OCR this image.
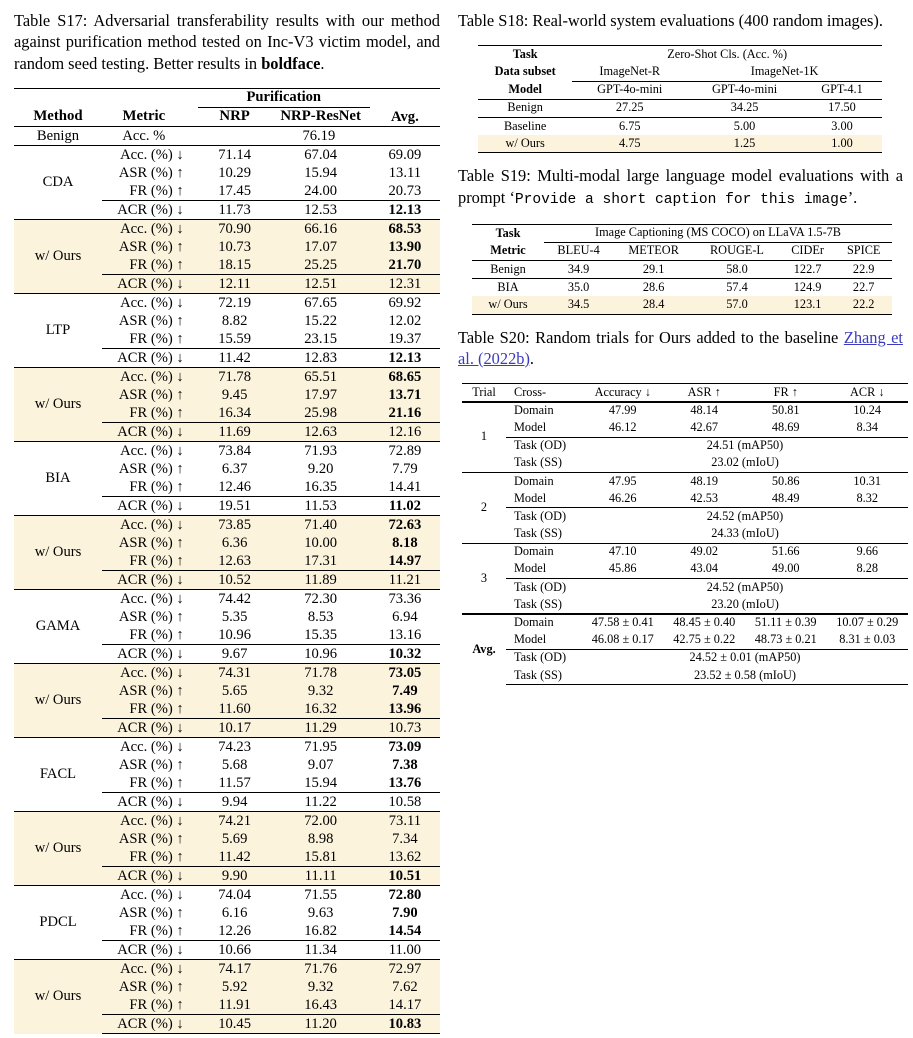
Table S17: Adversarial transferability results with our method against purification method tested on Inc-V3 victim model, and random seed testing. Better results in boldface.

		Purification		Avg.
Method	Metric	NRP	NRP-ResNet	
Benign	Acc. %	76.19		
CDA	Acc. (%) ↓	71.14	67.04	69.09
	ASR (%) ↑	10.29	15.94	13.11
	FR (%) ↑	17.45	24.00	20.73
	ACR (%) ↓	11.73	12.53	12.13
w/ Ours	Acc. (%) ↓	70.90	66.16	68.53
	ASR (%) ↑	10.73	17.07	13.90
	FR (%) ↑	18.15	25.25	21.70
	ACR (%) ↓	12.11	12.51	12.31
LTP	Acc. (%) ↓	72.19	67.65	69.92
	ASR (%) ↑	8.82	15.22	12.02
	FR (%) ↑	15.59	23.15	19.37
	ACR (%) ↓	11.42	12.83	12.13
w/ Ours	Acc. (%) ↓	71.78	65.51	68.65
	ASR (%) ↑	9.45	17.97	13.71
	FR (%) ↑	16.34	25.98	21.16
	ACR (%) ↓	11.69	12.63	12.16
BIA	Acc. (%) ↓	73.84	71.93	72.89
	ASR (%) ↑	6.37	9.20	7.79
	FR (%) ↑	12.46	16.35	14.41
	ACR (%) ↓	19.51	11.53	11.02
w/ Ours	Acc. (%) ↓	73.85	71.40	72.63
	ASR (%) ↑	6.36	10.00	8.18
	FR (%) ↑	12.63	17.31	14.97
	ACR (%) ↓	10.52	11.89	11.21
GAMA	Acc. (%) ↓	74.42	72.30	73.36
	ASR (%) ↑	5.35	8.53	6.94
	FR (%) ↑	10.96	15.35	13.16
	ACR (%) ↓	9.67	10.96	10.32
w/ Ours	Acc. (%) ↓	74.31	71.78	73.05
	ASR (%) ↑	5.65	9.32	7.49
	FR (%) ↑	11.60	16.32	13.96
	ACR (%) ↓	10.17	11.29	10.73
FACL	Acc. (%) ↓	74.23	71.95	73.09
	ASR (%) ↑	5.68	9.07	7.38
	FR (%) ↑	11.57	15.94	13.76
	ACR (%) ↓	9.94	11.22	10.58
w/ Ours	Acc. (%) ↓	74.21	72.00	73.11
	ASR (%) ↑	5.69	8.98	7.34
	FR (%) ↑	11.42	15.81	13.62
	ACR (%) ↓	9.90	11.11	10.51
PDCL	Acc. (%) ↓	74.04	71.55	72.80
	ASR (%) ↑	6.16	9.63	7.90
	FR (%) ↑	12.26	16.82	14.54
	ACR (%) ↓	10.66	11.34	11.00
w/ Ours	Acc. (%) ↓	74.17	71.76	72.97
	ASR (%) ↑	5.92	9.32	7.62
	FR (%) ↑	11.91	16.43	14.17
	ACR (%) ↓	10.45	11.20	10.83

Table S18: Real-world system evaluations (400 random images).

Task	Zero-Shot Cls. (Acc. %)		
Data subset	ImageNet-R	ImageNet-1K	
Model	GPT-4o-mini	GPT-4o-mini	GPT-4.1
Benign	27.25	34.25	17.50
Baseline	6.75	5.00	3.00
w/ Ours	4.75	1.25	1.00

Table S19: Multi-modal large language model evaluations with a prompt ‘Provide a short caption for this image’.

Task	Image Captioning (MS COCO) on LLaVA 1.5-7B				
Metric	BLEU-4	METEOR	ROUGE-L	CIDEr	SPICE
Benign	34.9	29.1	58.0	122.7	22.9
BIA	35.0	28.6	57.4	124.9	22.7
w/ Ours	34.5	28.4	57.0	123.1	22.2

Table S20: Random trials for Ours added to the baseline Zhang et al. (2022b).

Trial	Cross-	Accuracy ↓	ASR ↑	FR ↑	ACR ↓
1	Domain	47.99	48.14	50.81	10.24
	Model	46.12	42.67	48.69	8.34
	Task (OD)	24.51 (mAP50)			
	Task (SS)	23.02 (mIoU)			
2	Domain	47.95	48.19	50.86	10.31
	Model	46.26	42.53	48.49	8.32
	Task (OD)	24.52 (mAP50)			
	Task (SS)	24.33 (mIoU)			
3	Domain	47.10	49.02	51.66	9.66
	Model	45.86	43.04	49.00	8.28
	Task (OD)	24.52 (mAP50)			
	Task (SS)	23.20 (mIoU)			
Avg.	Domain	47.58 ± 0.41	48.45 ± 0.40	51.11 ± 0.39	10.07 ± 0.29
	Model	46.08 ± 0.17	42.75 ± 0.22	48.73 ± 0.21	8.31 ± 0.03
	Task (OD)	24.52 ± 0.01 (mAP50)			
	Task (SS)	23.52 ± 0.58 (mIoU)			
